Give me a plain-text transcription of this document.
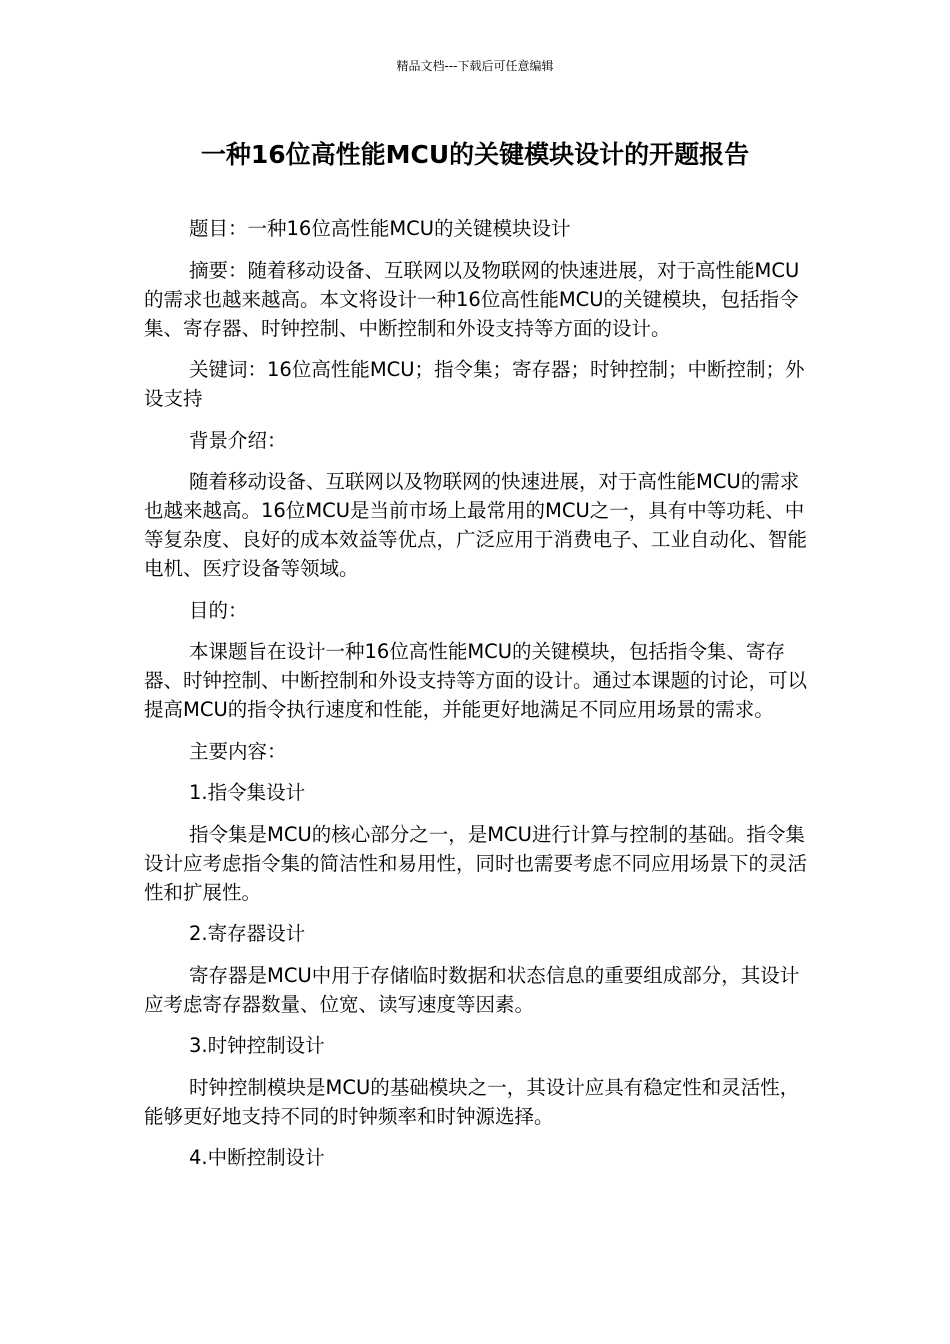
精品文档---下载后可任意编辑
一种16位高性能MCU的关键模块设计的开题报告

题目：一种16位高性能MCU的关键模块设计

摘要：随着移动设备、互联网以及物联网的快速进展，对于高性能MCU的需求也越来越高。本文将设计一种16位高性能MCU的关键模块，包括指令集、寄存器、时钟控制、中断控制和外设支持等方面的设计。

关键词：16位高性能MCU；指令集；寄存器；时钟控制；中断控制；外设支持

背景介绍：

随着移动设备、互联网以及物联网的快速进展，对于高性能MCU的需求也越来越高。16位MCU是当前市场上最常用的MCU之一，具有中等功耗、中等复杂度、良好的成本效益等优点，广泛应用于消费电子、工业自动化、智能电机、医疗设备等领域。

目的：

本课题旨在设计一种16位高性能MCU的关键模块，包括指令集、寄存器、时钟控制、中断控制和外设支持等方面的设计。通过本课题的讨论，可以提高MCU的指令执行速度和性能，并能更好地满足不同应用场景的需求。

主要内容：

1.指令集设计

指令集是MCU的核心部分之一，是MCU进行计算与控制的基础。指令集设计应考虑指令集的简洁性和易用性，同时也需要考虑不同应用场景下的灵活性和扩展性。

2.寄存器设计

寄存器是MCU中用于存储临时数据和状态信息的重要组成部分，其设计应考虑寄存器数量、位宽、读写速度等因素。

3.时钟控制设计

时钟控制模块是MCU的基础模块之一，其设计应具有稳定性和灵活性，能够更好地支持不同的时钟频率和时钟源选择。

4.中断控制设计
